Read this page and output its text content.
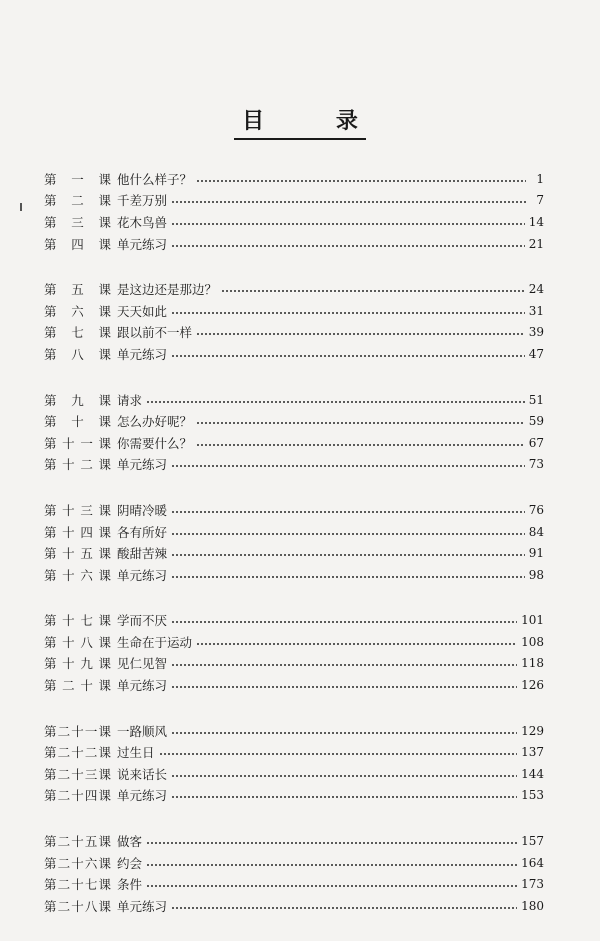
目 录
第 一 课 他什么样子？	1
第 二 课 千差万别	7
第 三 课 花木鸟兽	14
第 四 课 单元练习	21
第 五 课 是这边还是那边？	24
第 六 课 天天如此	31
第 七 课 跟以前不一样	39
第 八 课 单元练习	47
第 九 课 请求	51
第 十 课 怎么办好呢？	59
第 十 一 课 你需要什么？	67
第 十 二 课 单元练习	73
第 十 三 课 阴晴冷暖	76
第 十 四 课 各有所好	84
第 十 五 课 酸甜苦辣	91
第 十 六 课 单元练习	98
第 十 七 课 学而不厌	101
第 十 八 课 生命在于运动	108
第 十 九 课 见仁见智	118
第 二 十 课 单元练习	126
第 二 十 一 课 一路顺风	129
第 二 十 二 课 过生日	137
第 二 十 三 课 说来话长	144
第 二 十 四 课 单元练习	153
第 二 十 五 课 做客	157
第 二 十 六 课 约会	164
第 二 十 七 课 条件	173
第 二 十 八 课 单元练习	180
